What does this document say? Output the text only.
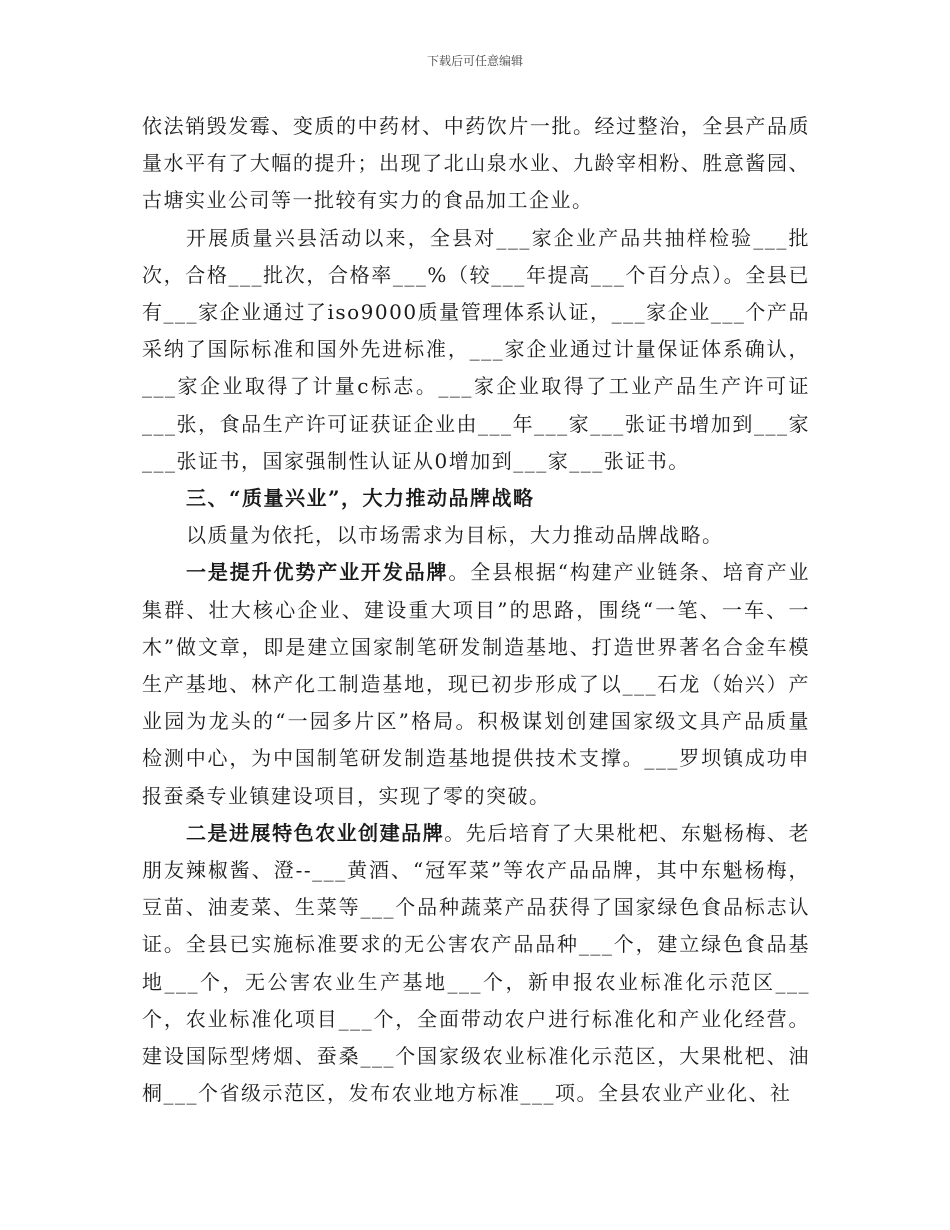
下载后可任意编辑

依法销毁发霉、变质的中药材、中药饮片一批。经过整治，全县产品质量水平有了大幅的提升；出现了北山泉水业、九龄宰相粉、胜意酱园、古塘实业公司等一批较有实力的食品加工企业。

开展质量兴县活动以来，全县对___家企业产品共抽样检验___批次，合格___批次，合格率___%（较___年提高___个百分点）。全县已有___家企业通过了iso9000质量管理体系认证，___家企业___个产品采纳了国际标准和国外先进标准，___家企业通过计量保证体系确认，___家企业取得了计量c标志。___家企业取得了工业产品生产许可证___张，食品生产许可证获证企业由___年___家___张证书增加到___家___张证书，国家强制性认证从0增加到___家___张证书。

三、“质量兴业”，大力推动品牌战略

以质量为依托，以市场需求为目标，大力推动品牌战略。

一是提升优势产业开发品牌。全县根据“构建产业链条、培育产业集群、壮大核心企业、建设重大项目”的思路，围绕“一笔、一车、一木”做文章，即是建立国家制笔研发制造基地、打造世界著名合金车模生产基地、林产化工制造基地，现已初步形成了以___石龙（始兴）产业园为龙头的“一园多片区”格局。积极谋划创建国家级文具产品质量检测中心，为中国制笔研发制造基地提供技术支撑。___罗坝镇成功申报蚕桑专业镇建设项目，实现了零的突破。

二是进展特色农业创建品牌。先后培育了大果枇杷、东魁杨梅、老朋友辣椒酱、澄--___黄酒、“冠军菜”等农产品品牌，其中东魁杨梅，豆苗、油麦菜、生菜等___个品种蔬菜产品获得了国家绿色食品标志认证。全县已实施标准要求的无公害农产品品种___个，建立绿色食品基地___个，无公害农业生产基地___个，新申报农业标准化示范区___个，农业标准化项目___个，全面带动农户进行标准化和产业化经营。建设国际型烤烟、蚕桑___个国家级农业标准化示范区，大果枇杷、油桐___个省级示范区，发布农业地方标准___项。全县农业产业化、社
